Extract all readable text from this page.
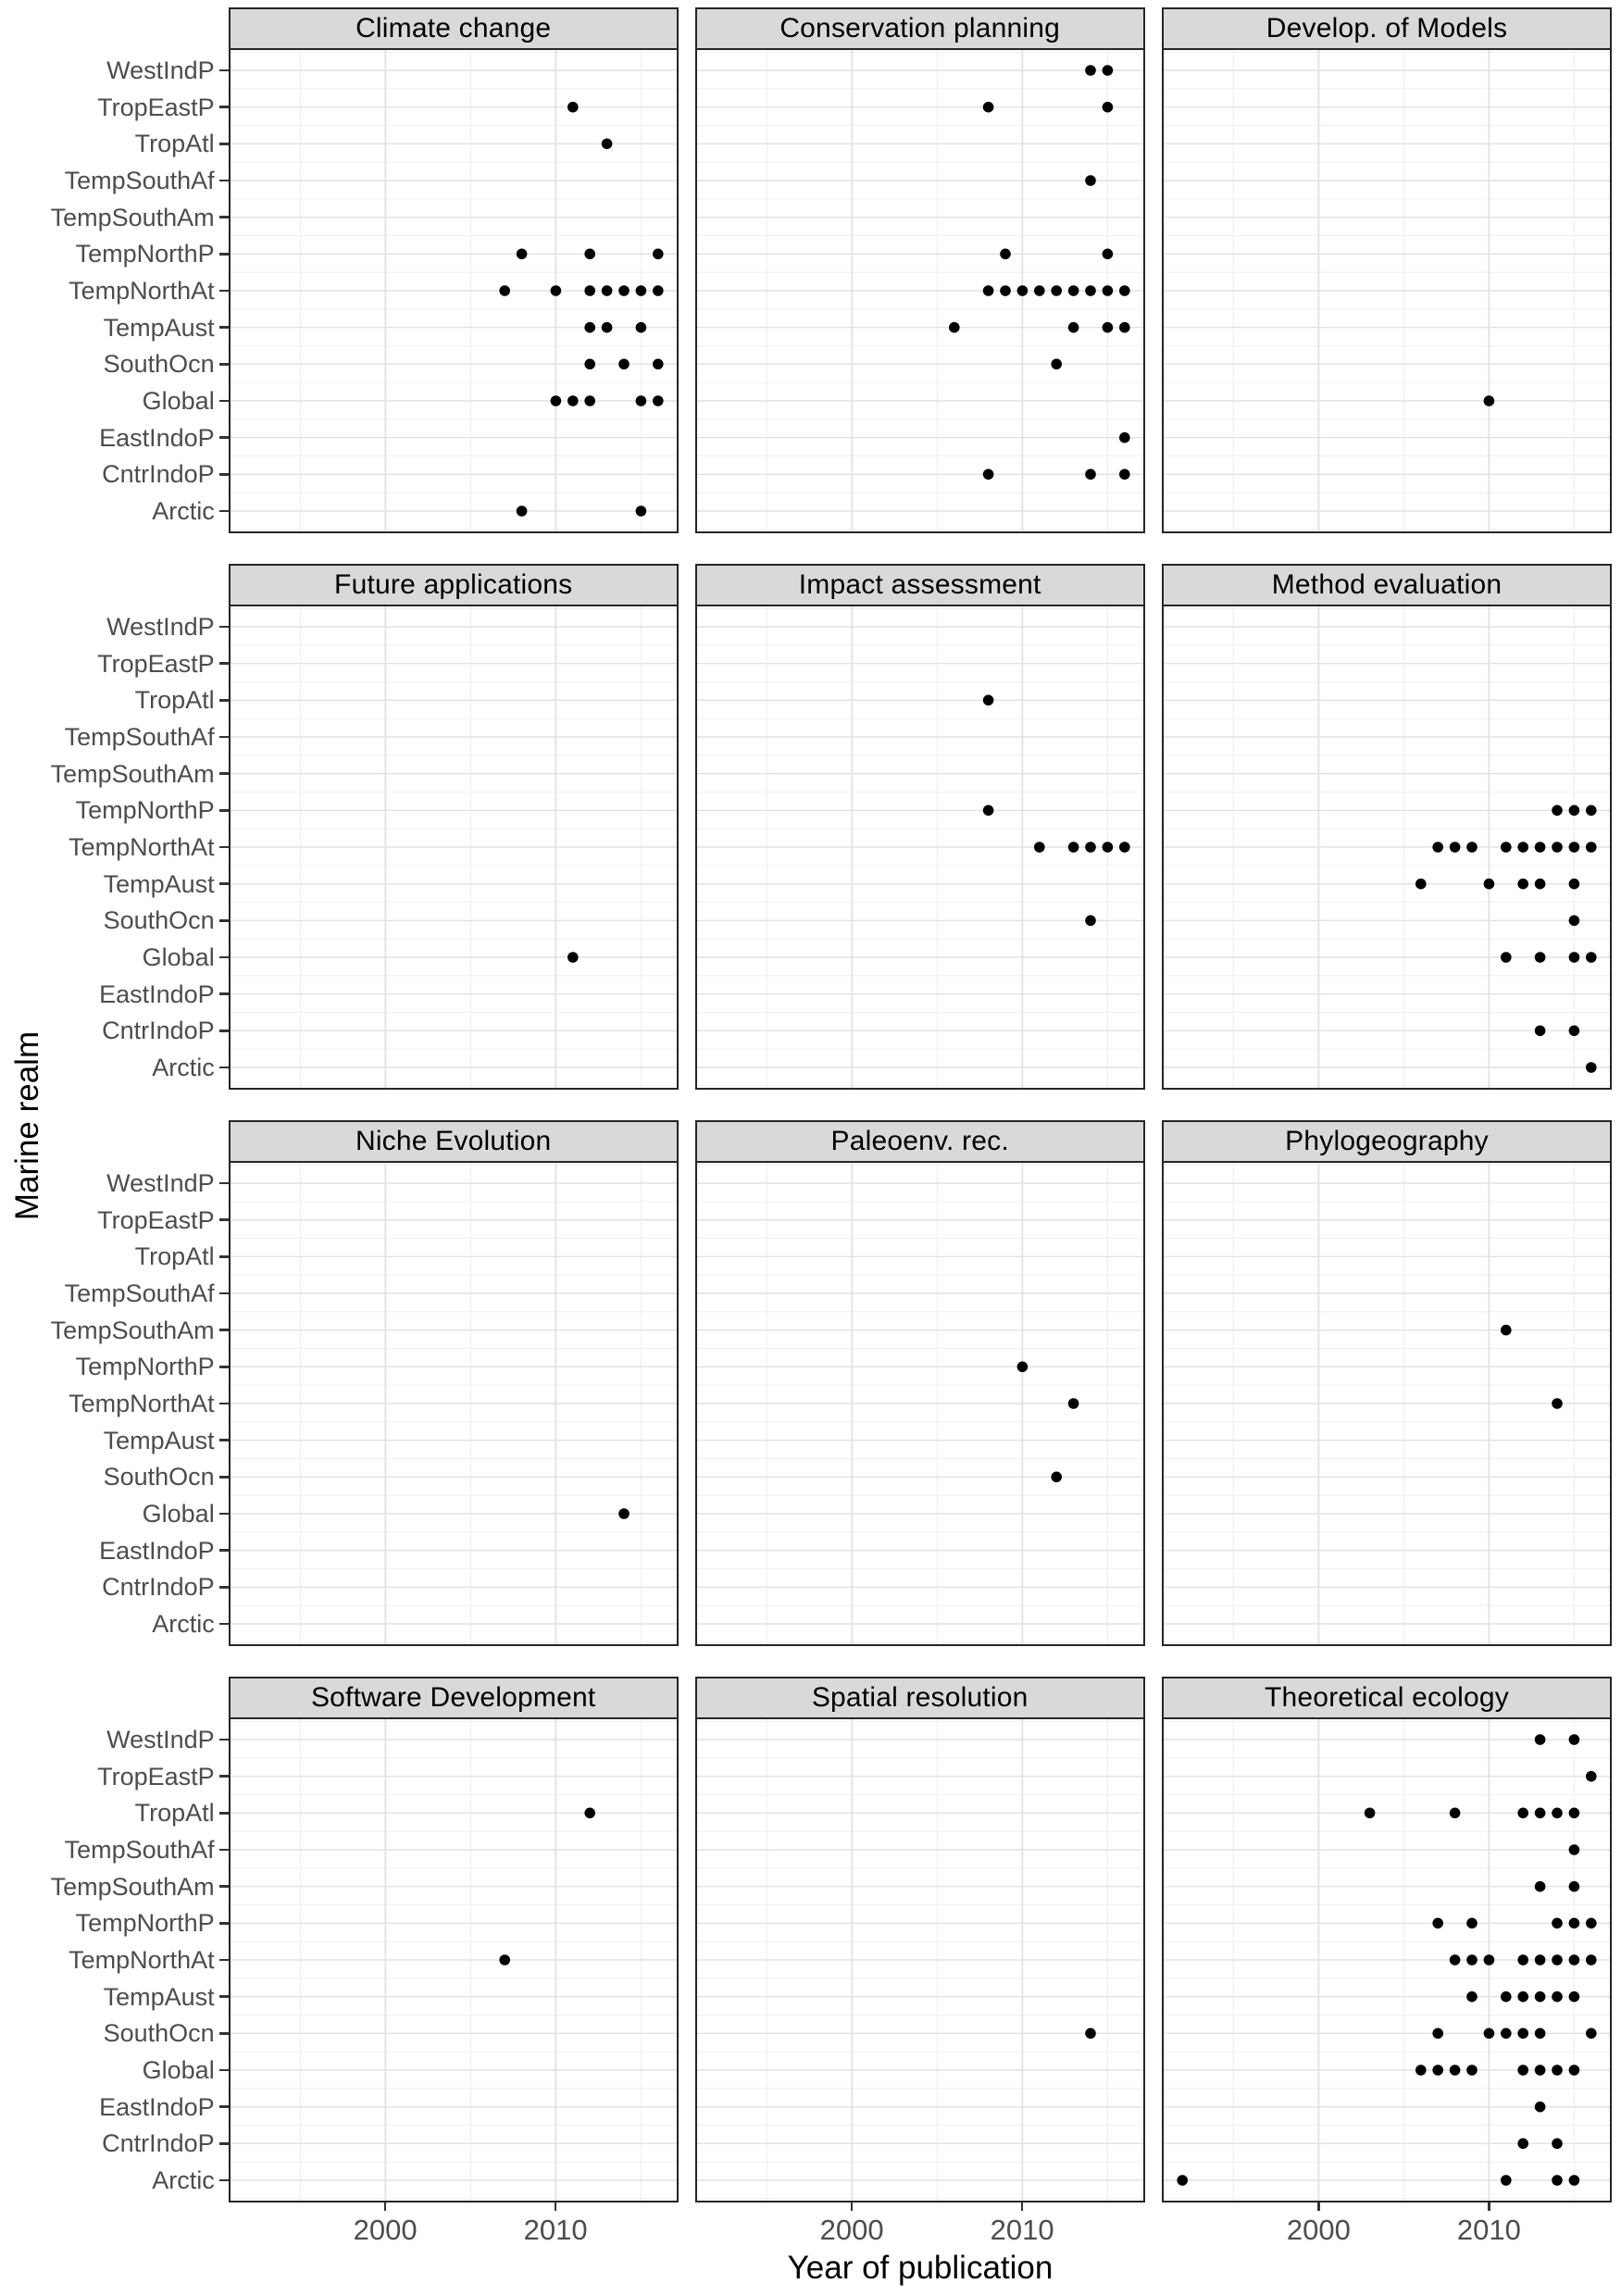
Marine realm
Year of publication
Climate change
WestIndP
TropEastP
TropAtl
TempSouthAf
TempSouthAm
TempNorthP
TempNorthAt
TempAust
SouthOcn
Global
EastIndoP
CntrIndoP
Arctic
Conservation planning	Develop. of Models
Future applications
WestIndP
TropEastP
TropAtl
TempSouthAf
TempSouthAm
TempNorthP
TempNorthAt
TempAust
SouthOcn
Global
EastIndoP
CntrIndoP
Arctic
Impact assessment	Method evaluation
Niche Evolution
WestIndP
TropEastP
TropAtl
TempSouthAf
TempSouthAm
TempNorthP
TempNorthAt
TempAust
SouthOcn
Global
EastIndoP
CntrIndoP
Arctic
Paleoenv. rec.	Phylogeography
Software Development
WestIndP
TropEastP
TropAtl
TempSouthAf
TempSouthAm
TempNorthP
TempNorthAt
TempAust
SouthOcn
Global
EastIndoP
CntrIndoP
Arctic
2000	2010
Spatial resolution
2000	2010
Theoretical ecology
2000	2010
